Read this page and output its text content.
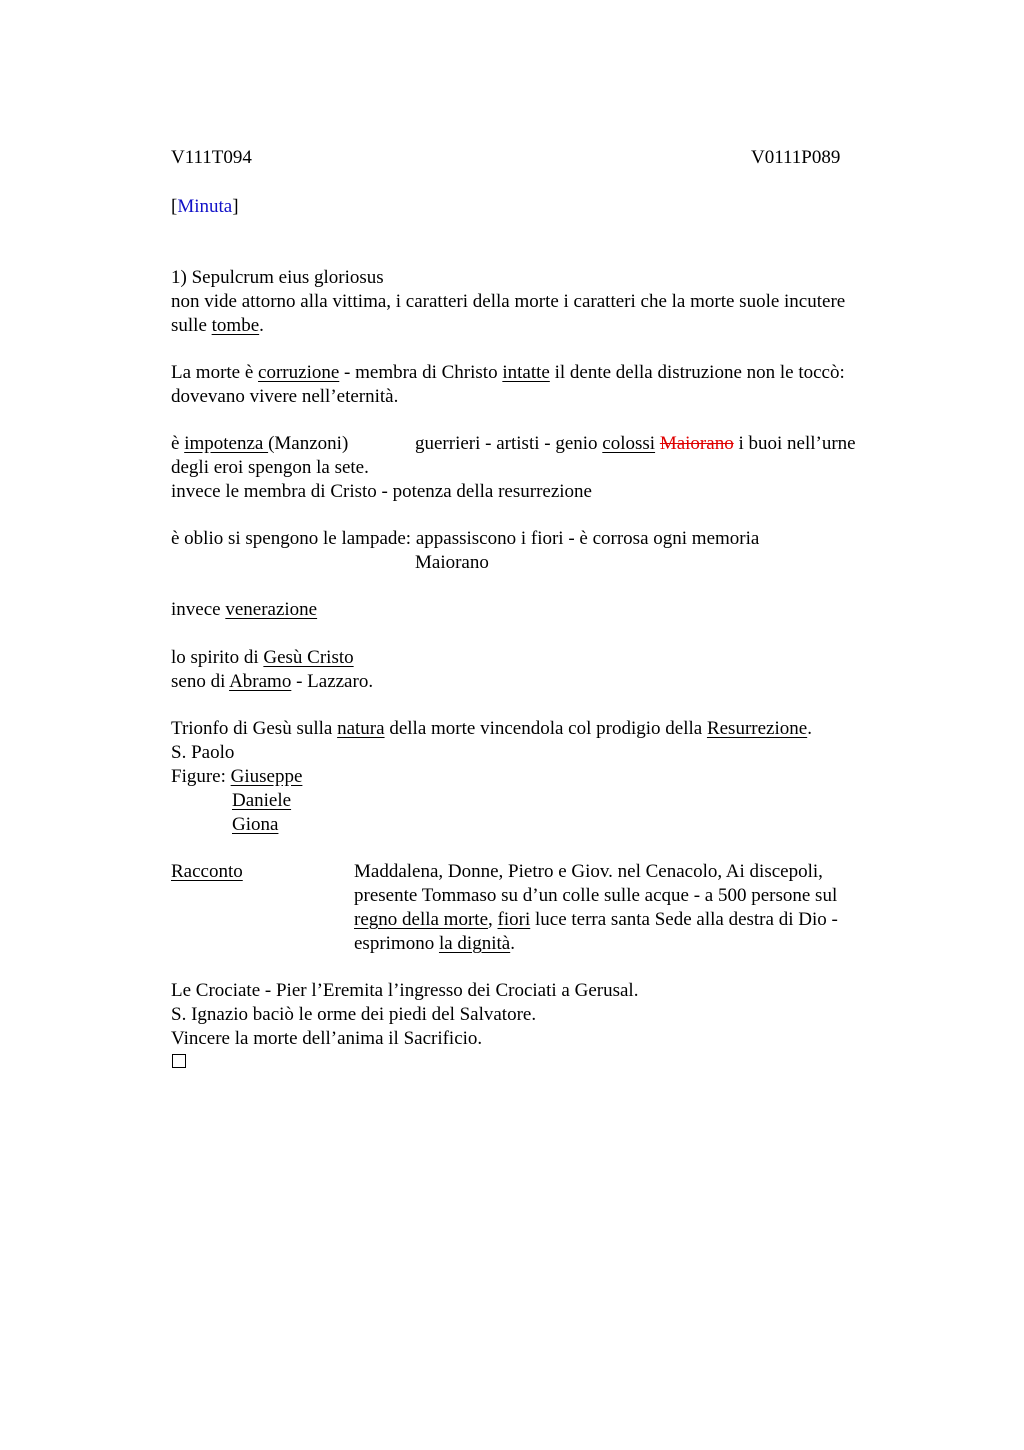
V111T094	V0111P089
[Minuta]
1) Sepulcrum eius gloriosus
non vide attorno alla vittima, i caratteri della morte i caratteri che la morte suole incutere
sulle tombe.
La morte è corruzione - membra di Christo intatte il dente della distruzione non le toccò:
dovevano vivere nell’eternità.
è impotenza (Manzoni)	guerrieri - artisti - genio colossi Maiorano i buoi nell’urne
degli eroi spengon la sete.
invece le membra di Cristo - potenza della resurrezione
è oblio si spengono le lampade: appassiscono i fiori - è corrosa ogni memoria
Maiorano
invece venerazione
lo spirito di Gesù Cristo
seno di Abramo - Lazzaro.
Trionfo di Gesù sulla natura della morte vincendola col prodigio della Resurrezione.
S. Paolo
Figure: Giuseppe
Daniele
Giona
Racconto	Maddalena, Donne, Pietro e Giov. nel Cenacolo, Ai discepoli,
presente Tommaso su d’un colle sulle acque - a 500 persone sul
regno della morte, fiori luce terra santa Sede alla destra di Dio -
esprimono la dignità.
Le Crociate - Pier l’Eremita l’ingresso dei Crociati a Gerusal.
S. Ignazio baciò le orme dei piedi del Salvatore.
Vincere la morte dell’anima il Sacrificio.
